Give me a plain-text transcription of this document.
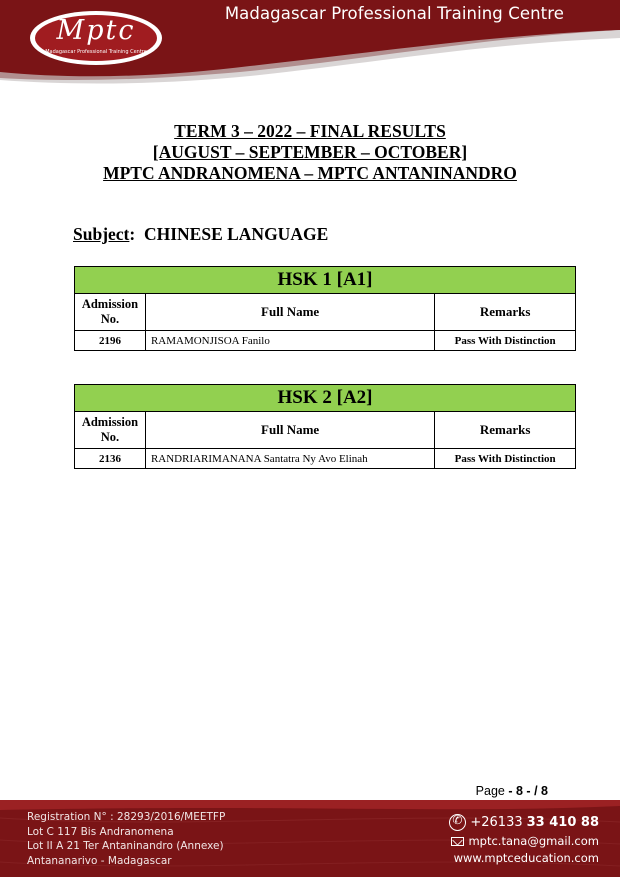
Madagascar Professional Training Centre
Mptc
Madagascar Professional Training Centre
TERM 3 – 2022 – FINAL RESULTS
[AUGUST – SEPTEMBER – OCTOBER]
MPTC ANDRANOMENA – MPTC ANTANINANDRO
Subject: CHINESE LANGUAGE
HSK 1 [A1]		
Admission
No.	Full Name	Remarks
2196	RAMAMONJISOA Fanilo	Pass With Distinction
HSK 2 [A2]		
Admission
No.	Full Name	Remarks
2136	RANDRIARIMANANA Santatra Ny Avo Elinah	Pass With Distinction
Page - 8 - / 8
Registration N° : 28293/2016/MEETFP
Lot C 117 Bis Andranomena
Lot II A 21 Ter Antaninandro (Annexe)
Antananarivo - Madagascar
✆
+26133 33 410 88
mptc.tana@gmail.com
www.mptceducation.com
